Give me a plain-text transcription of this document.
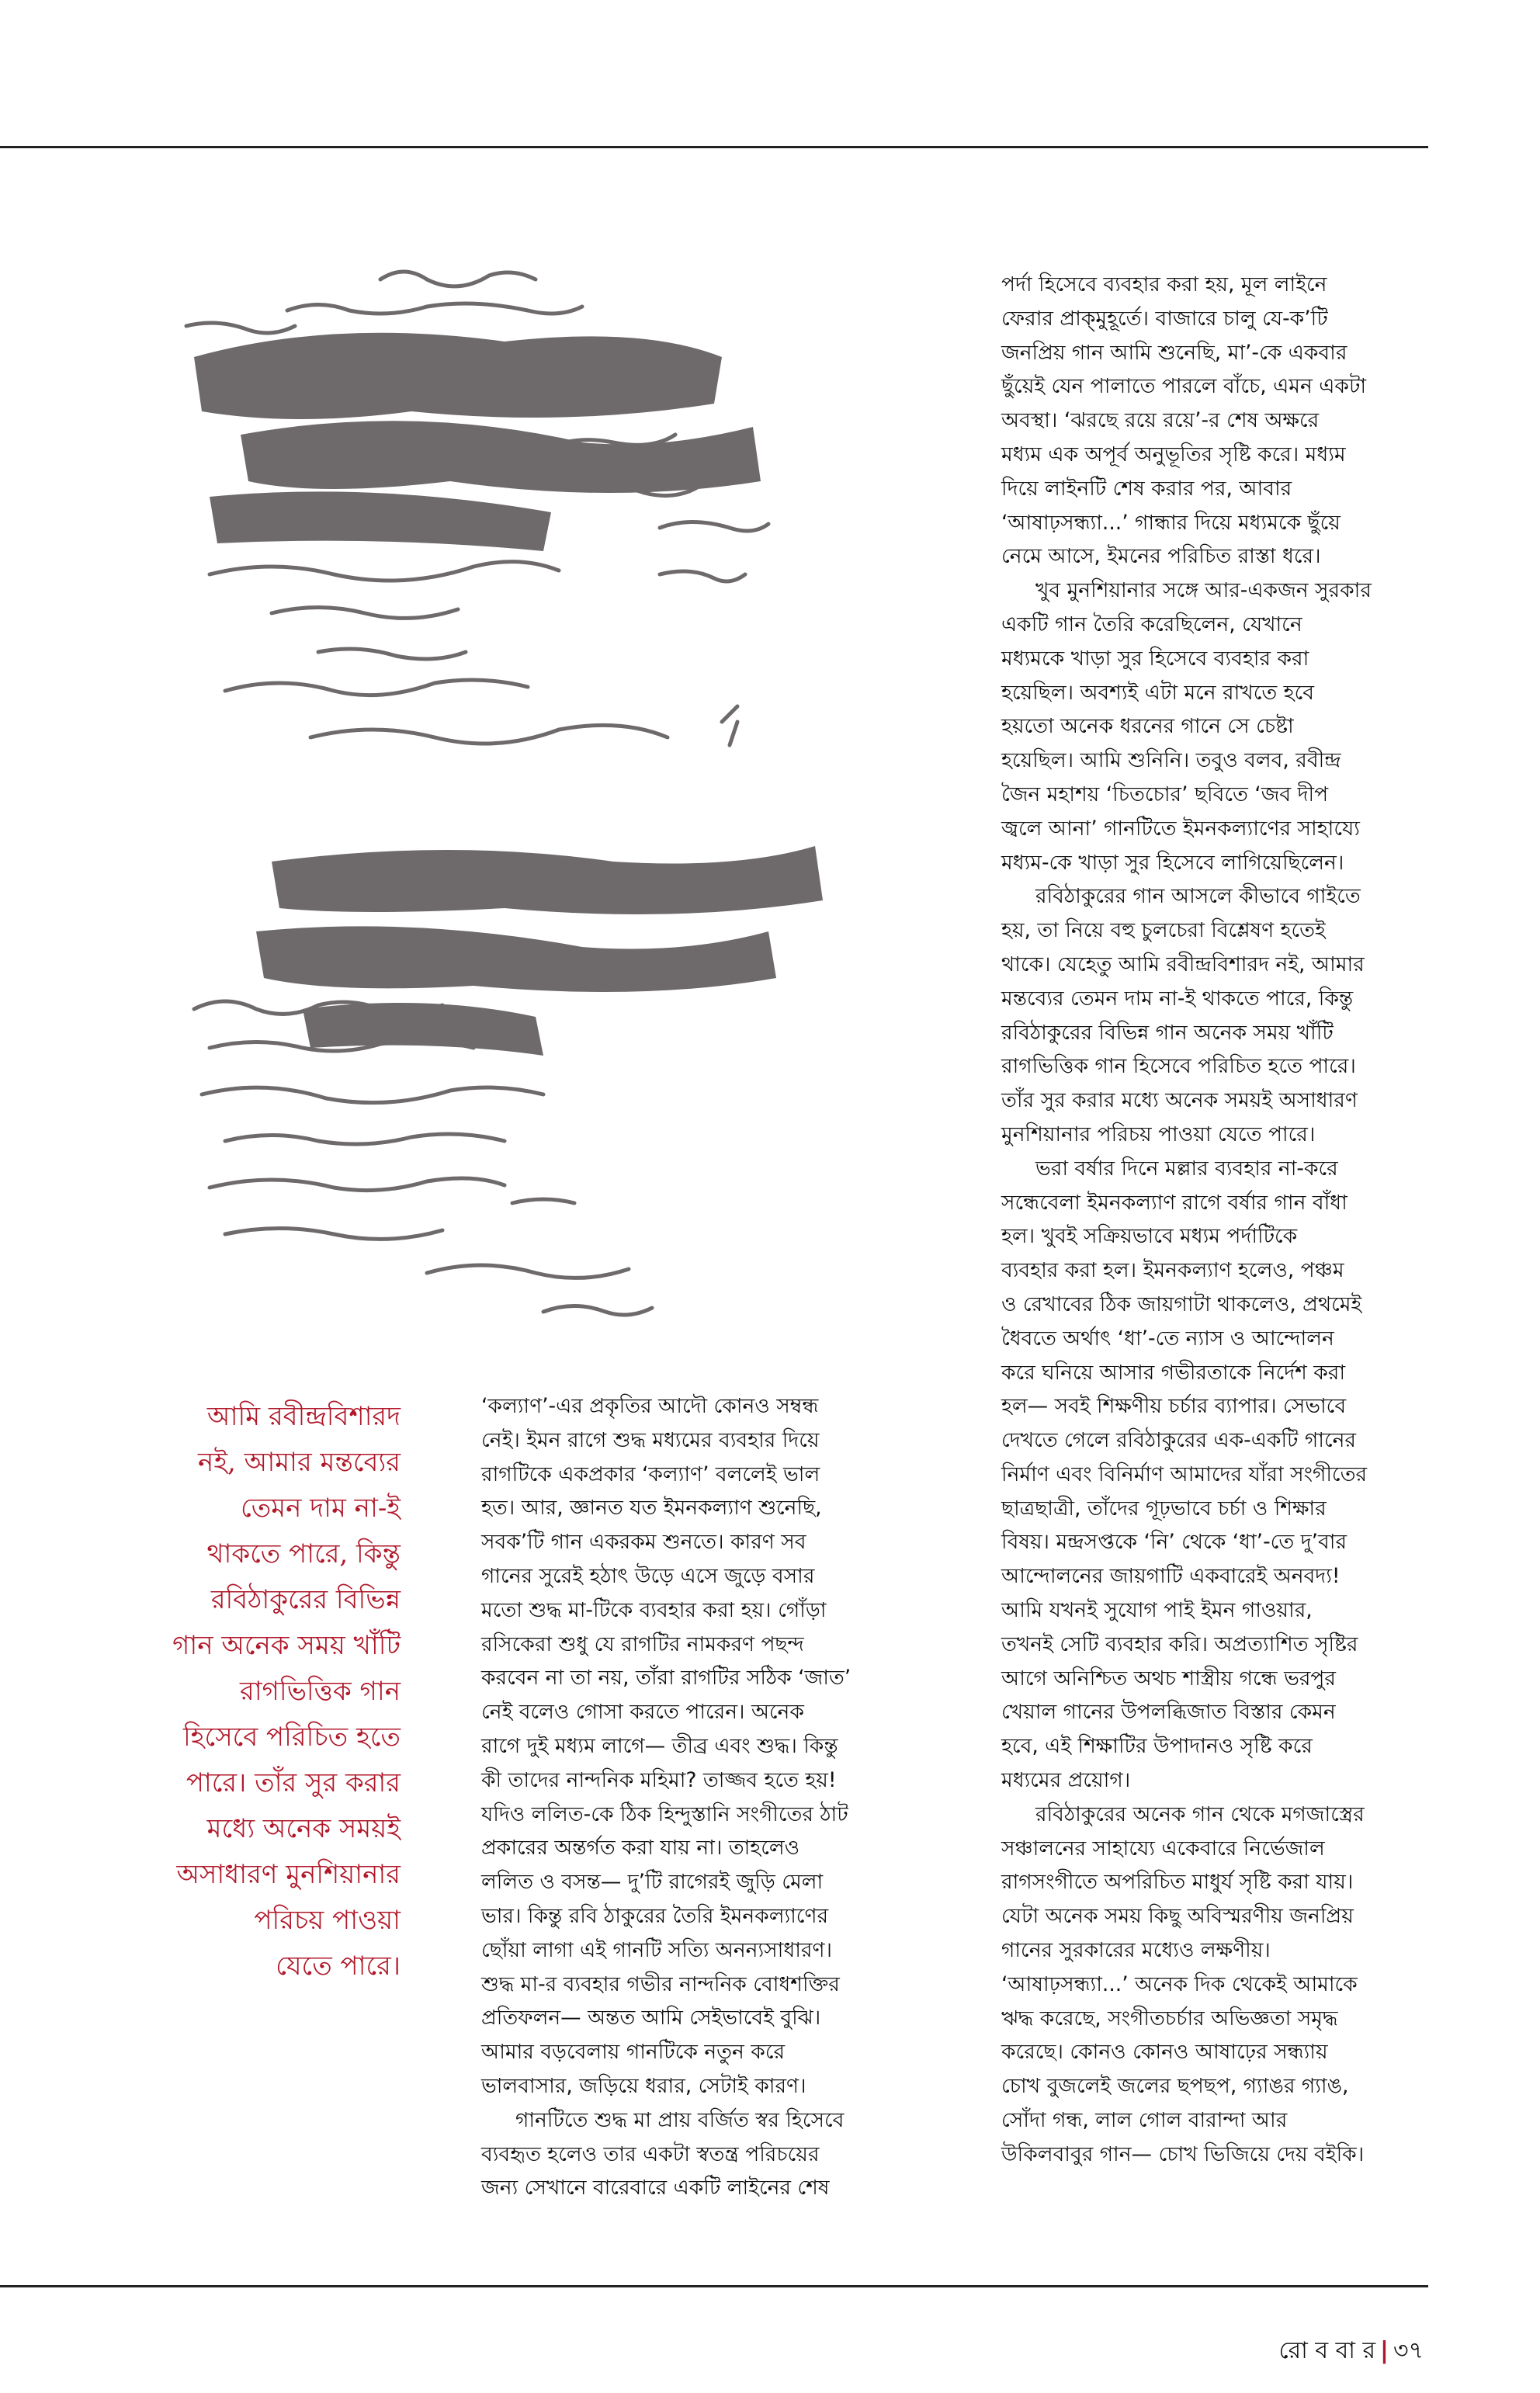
আমি রবীন্দ্রবিশারদ

নই, আমার মন্তব্যের

তেমন দাম না-ই

থাকতে পারে, কিন্তু

রবিঠাকুরের বিভিন্ন

গান অনেক সময় খাঁটি

রাগভিত্তিক গান

হিসেবে পরিচিত হতে

পারে। তাঁর সুর করার

মধ্যে অনেক সময়ই

অসাধারণ মুনশিয়ানার

পরিচয় পাওয়া

যেতে পারে।

‘কল্যাণ’-এর প্রকৃতির আদৌ কোনও সম্বন্ধ

নেই। ইমন রাগে শুদ্ধ মধ্যমের ব্যবহার দিয়ে

রাগটিকে একপ্রকার ‘কল্যাণ’ বললেই ভাল

হত। আর, জ্ঞানত যত ইমনকল্যাণ শুনেছি,

সবক’টি গান একরকম শুনতে। কারণ সব

গানের সুরেই হঠাৎ উড়ে এসে জুড়ে বসার

মতো শুদ্ধ মা-টিকে ব্যবহার করা হয়। গোঁড়া

রসিকেরা শুধু যে রাগটির নামকরণ পছন্দ

করবেন না তা নয়, তাঁরা রাগটির সঠিক ‘জাত’

নেই বলেও গোসা করতে পারেন। অনেক

রাগে দুই মধ্যম লাগে— তীব্র এবং শুদ্ধ। কিন্তু

কী তাদের নান্দনিক মহিমা? তাজ্জব হতে হয়!

যদিও ললিত-কে ঠিক হিন্দুস্তানি সংগীতের ঠাট

প্রকারের অন্তর্গত করা যায় না। তাহলেও

ললিত ও বসন্ত— দু’টি রাগেরই জুড়ি মেলা

ভার। কিন্তু রবি ঠাকুরের তৈরি ইমনকল্যাণের

ছোঁয়া লাগা এই গানটি সত্যি অনন্যসাধারণ।

শুদ্ধ মা-র ব্যবহার গভীর নান্দনিক বোধশক্তির

প্রতিফলন— অন্তত আমি সেইভাবেই বুঝি।

আমার বড়বেলায় গানটিকে নতুন করে

ভালবাসার, জড়িয়ে ধরার, সেটাই কারণ।

গানটিতে শুদ্ধ মা প্রায় বর্জিত স্বর হিসেবে

ব্যবহৃত হলেও তার একটা স্বতন্ত্র পরিচয়ের

জন্য সেখানে বারেবারে একটি লাইনের শেষ

পর্দা হিসেবে ব্যবহার করা হয়, মূল লাইনে

ফেরার প্রাক্‌মুহূর্তে। বাজারে চালু যে-ক’টি

জনপ্রিয় গান আমি শুনেছি, মা’-কে একবার

ছুঁয়েই যেন পালাতে পারলে বাঁচে, এমন একটা

অবস্থা। ‘ঝরছে রয়ে রয়ে’-র শেষ অক্ষরে

মধ্যম এক অপূর্ব অনুভূতির সৃষ্টি করে। মধ্যম

দিয়ে লাইনটি শেষ করার পর, আবার

‘আষাঢ়সন্ধ্যা...’ গান্ধার দিয়ে মধ্যমকে ছুঁয়ে

নেমে আসে, ইমনের পরিচিত রাস্তা ধরে।

খুব মুনশিয়ানার সঙ্গে আর-একজন সুরকার

একটি গান তৈরি করেছিলেন, যেখানে

মধ্যমকে খাড়া সুর হিসেবে ব্যবহার করা

হয়েছিল। অবশ্যই এটা মনে রাখতে হবে

হয়তো অনেক ধরনের গানে সে চেষ্টা

হয়েছিল। আমি শুনিনি। তবুও বলব, রবীন্দ্র

জৈন মহাশয় ‘চিতচোর’ ছবিতে ‘জব দীপ

জ্বলে আনা’ গানটিতে ইমনকল্যাণের সাহায্যে

মধ্যম-কে খাড়া সুর হিসেবে লাগিয়েছিলেন।

রবিঠাকুরের গান আসলে কীভাবে গাইতে

হয়, তা নিয়ে বহু চুলচেরা বিশ্লেষণ হতেই

থাকে। যেহেতু আমি রবীন্দ্রবিশারদ নই, আমার

মন্তব্যের তেমন দাম না-ই থাকতে পারে, কিন্তু

রবিঠাকুরের বিভিন্ন গান অনেক সময় খাঁটি

রাগভিত্তিক গান হিসেবে পরিচিত হতে পারে।

তাঁর সুর করার মধ্যে অনেক সময়ই অসাধারণ

মুনশিয়ানার পরিচয় পাওয়া যেতে পারে।

ভরা বর্ষার দিনে মল্লার ব্যবহার না-করে

সন্ধেবেলা ইমনকল্যাণ রাগে বর্ষার গান বাঁধা

হল। খুবই সক্রিয়ভাবে মধ্যম পর্দাটিকে

ব্যবহার করা হল। ইমনকল্যাণ হলেও, পঞ্চম

ও রেখাবের ঠিক জায়গাটা থাকলেও, প্রথমেই

ধৈবতে অর্থাৎ ‘ধা’-তে ন্যাস ও আন্দোলন

করে ঘনিয়ে আসার গভীরতাকে নির্দেশ করা

হল— সবই শিক্ষণীয় চর্চার ব্যাপার। সেভাবে

দেখতে গেলে রবিঠাকুরের এক-একটি গানের

নির্মাণ এবং বিনির্মাণ আমাদের যাঁরা সংগীতের

ছাত্রছাত্রী, তাঁদের গূঢ়ভাবে চর্চা ও শিক্ষার

বিষয়। মন্দ্রসপ্তকে ‘নি’ থেকে ‘ধা’-তে দু’বার

আন্দোলনের জায়গাটি একবারেই অনবদ্য!

আমি যখনই সুযোগ পাই ইমন গাওয়ার,

তখনই সেটি ব্যবহার করি। অপ্রত্যাশিত সৃষ্টির

আগে অনিশ্চিত অথচ শাস্ত্রীয় গন্ধে ভরপুর

খেয়াল গানের উপলব্ধিজাত বিস্তার কেমন

হবে, এই শিক্ষাটির উপাদানও সৃষ্টি করে

মধ্যমের প্রয়োগ।

রবিঠাকুরের অনেক গান থেকে মগজাস্ত্রের

সঞ্চালনের সাহায্যে একেবারে নির্ভেজাল

রাগসংগীতে অপরিচিত মাধুর্য সৃষ্টি করা যায়।

যেটা অনেক সময় কিছু অবিস্মরণীয় জনপ্রিয়

গানের সুরকারের মধ্যেও লক্ষণীয়।

‘আষাঢ়সন্ধ্যা...’ অনেক দিক থেকেই আমাকে

ঋদ্ধ করেছে, সংগীতচর্চার অভিজ্ঞতা সমৃদ্ধ

করেছে। কোনও কোনও আষাঢ়ের সন্ধ্যায়

চোখ বুজলেই জলের ছপছপ, গ্যাঙর গ্যাঙ,

সোঁদা গন্ধ, লাল গোল বারান্দা আর

উকিলবাবুর গান— চোখ ভিজিয়ে দেয় বইকি।

রো ব বা র | ৩৭
